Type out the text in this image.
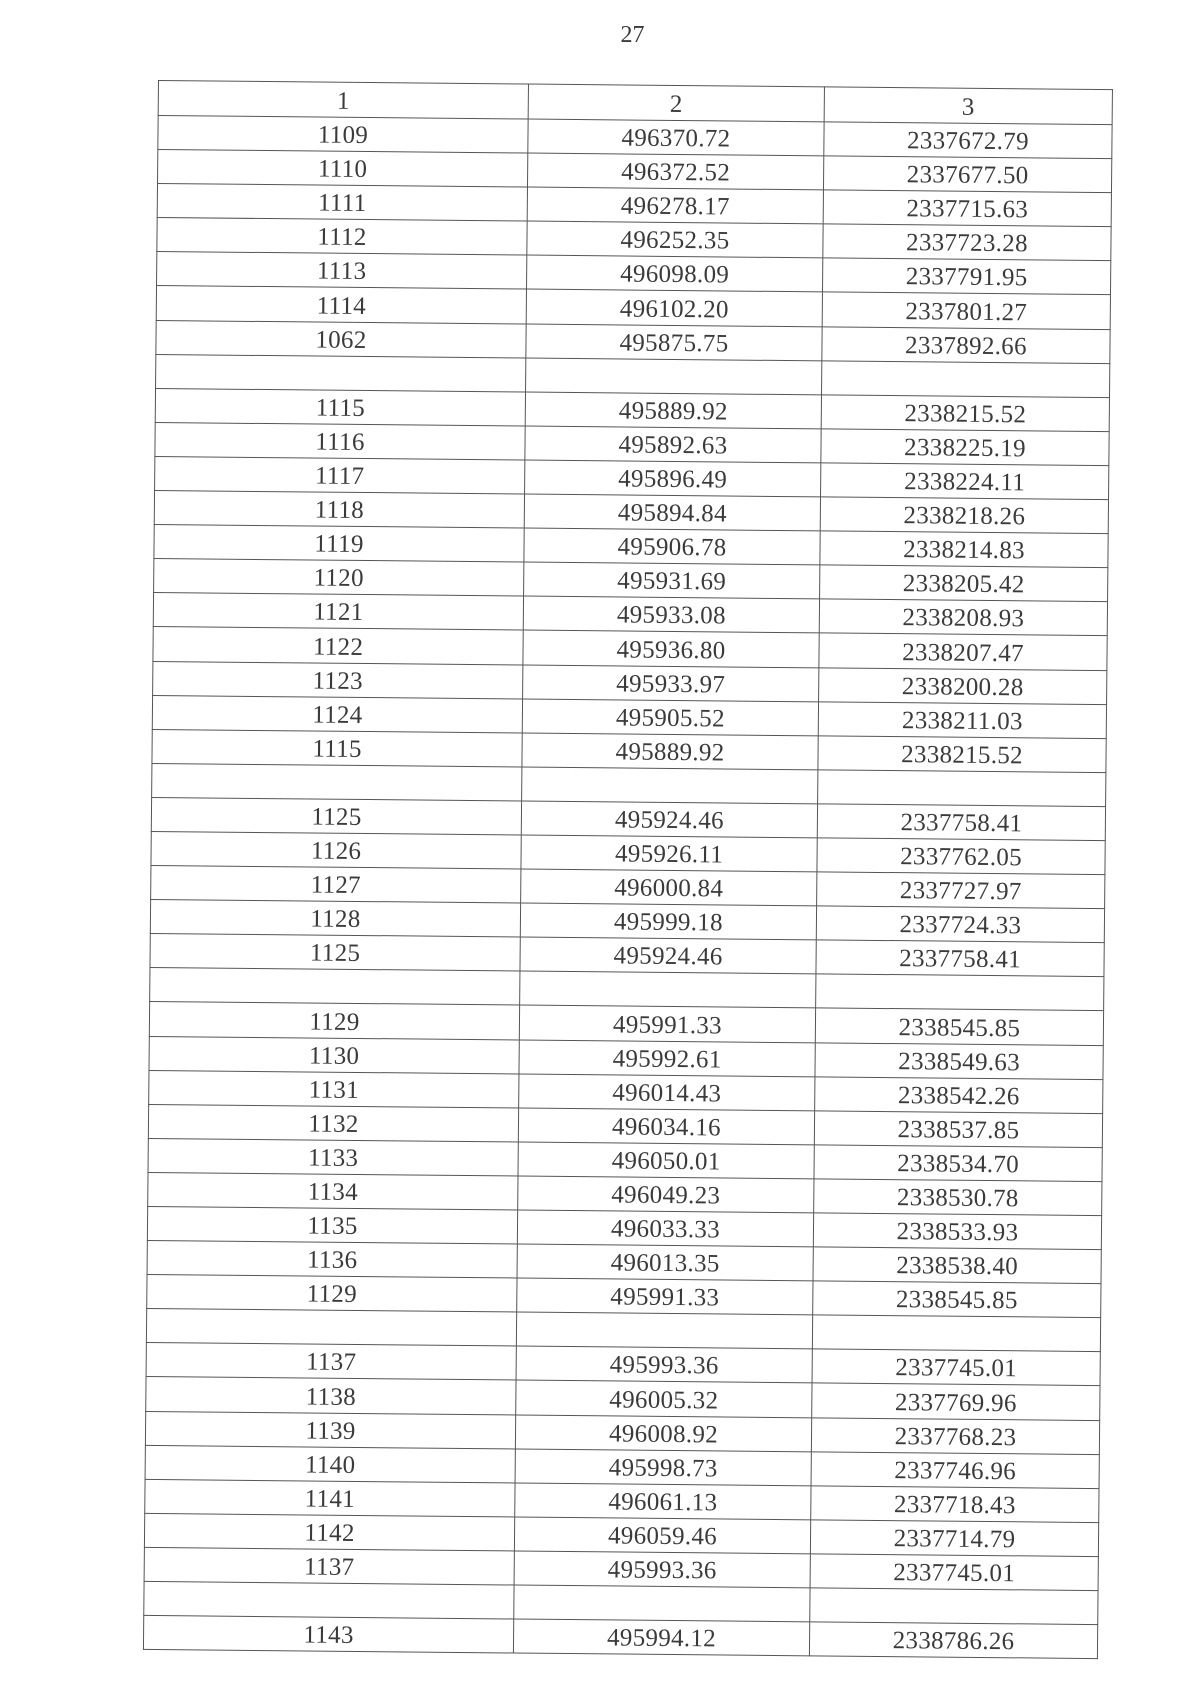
27
1	2	3
1109	496370.72	2337672.79
1110	496372.52	2337677.50
1111	496278.17	2337715.63
1112	496252.35	2337723.28
1113	496098.09	2337791.95
1114	496102.20	2337801.27
1062	495875.75	2337892.66

1115	495889.92	2338215.52
1116	495892.63	2338225.19
1117	495896.49	2338224.11
1118	495894.84	2338218.26
1119	495906.78	2338214.83
1120	495931.69	2338205.42
1121	495933.08	2338208.93
1122	495936.80	2338207.47
1123	495933.97	2338200.28
1124	495905.52	2338211.03
1115	495889.92	2338215.52

1125	495924.46	2337758.41
1126	495926.11	2337762.05
1127	496000.84	2337727.97
1128	495999.18	2337724.33
1125	495924.46	2337758.41

1129	495991.33	2338545.85
1130	495992.61	2338549.63
1131	496014.43	2338542.26
1132	496034.16	2338537.85
1133	496050.01	2338534.70
1134	496049.23	2338530.78
1135	496033.33	2338533.93
1136	496013.35	2338538.40
1129	495991.33	2338545.85

1137	495993.36	2337745.01
1138	496005.32	2337769.96
1139	496008.92	2337768.23
1140	495998.73	2337746.96
1141	496061.13	2337718.43
1142	496059.46	2337714.79
1137	495993.36	2337745.01

1143	495994.12	2338786.26
